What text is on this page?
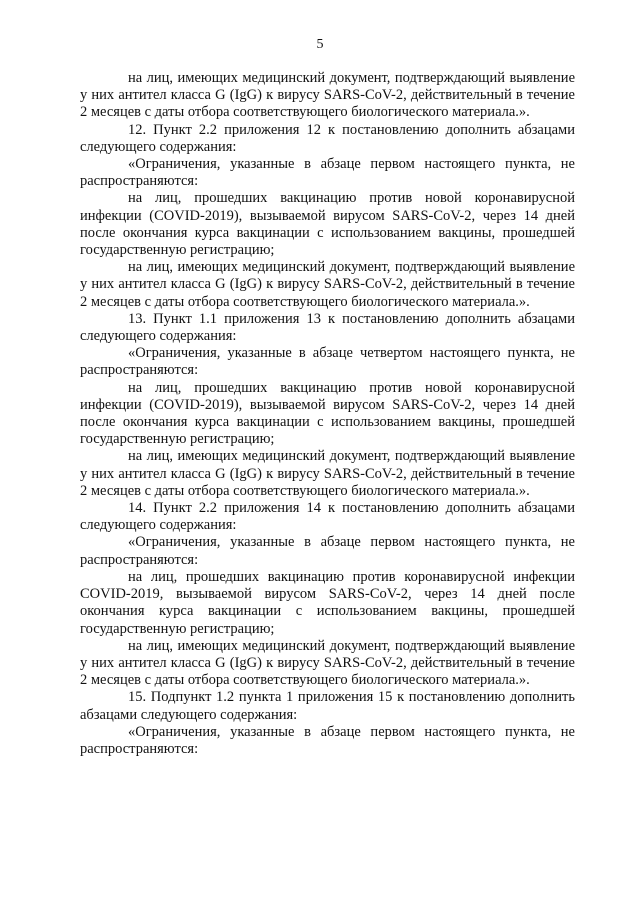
5

на лиц, имеющих медицинский документ, подтверждающий выявление у них антител класса G (IgG) к вирусу SARS-CoV-2, действительный в течение 2 месяцев с даты отбора соответствующего биологического материала.».

12. Пункт 2.2 приложения 12 к постановлению дополнить абзацами следующего содержания:

«Ограничения, указанные в абзаце первом настоящего пункта, не распространяются:

на лиц, прошедших вакцинацию против новой коронавирусной инфекции (COVID-2019), вызываемой вирусом SARS-CoV-2, через 14 дней после окончания курса вакцинации с использованием вакцины, прошедшей государственную регистрацию;

на лиц, имеющих медицинский документ, подтверждающий выявление у них антител класса G (IgG) к вирусу SARS-CoV-2, действительный в течение 2 месяцев с даты отбора соответствующего биологического материала.».

13. Пункт 1.1 приложения 13 к постановлению дополнить абзацами следующего содержания:

«Ограничения, указанные в абзаце четвертом настоящего пункта, не распространяются:

на лиц, прошедших вакцинацию против новой коронавирусной инфекции (COVID-2019), вызываемой вирусом SARS-CoV-2, через 14 дней после окончания курса вакцинации с использованием вакцины, прошедшей государственную регистрацию;

на лиц, имеющих медицинский документ, подтверждающий выявление у них антител класса G (IgG) к вирусу SARS-CoV-2, действительный в течение 2 месяцев с даты отбора соответствующего биологического материала.».

14. Пункт 2.2 приложения 14 к постановлению дополнить абзацами следующего содержания:

«Ограничения, указанные в абзаце первом настоящего пункта, не распространяются:

на лиц, прошедших вакцинацию против коронавирусной инфекции COVID-2019, вызываемой вирусом SARS-CoV-2, через 14 дней после окончания курса вакцинации с использованием вакцины, прошедшей государственную регистрацию;

на лиц, имеющих медицинский документ, подтверждающий выявление у них антител класса G (IgG) к вирусу SARS-CoV-2, действительный в течение 2 месяцев с даты отбора соответствующего биологического материала.».

15. Подпункт 1.2 пункта 1 приложения 15 к постановлению дополнить абзацами следующего содержания:

«Ограничения, указанные в абзаце первом настоящего пункта, не распространяются:
